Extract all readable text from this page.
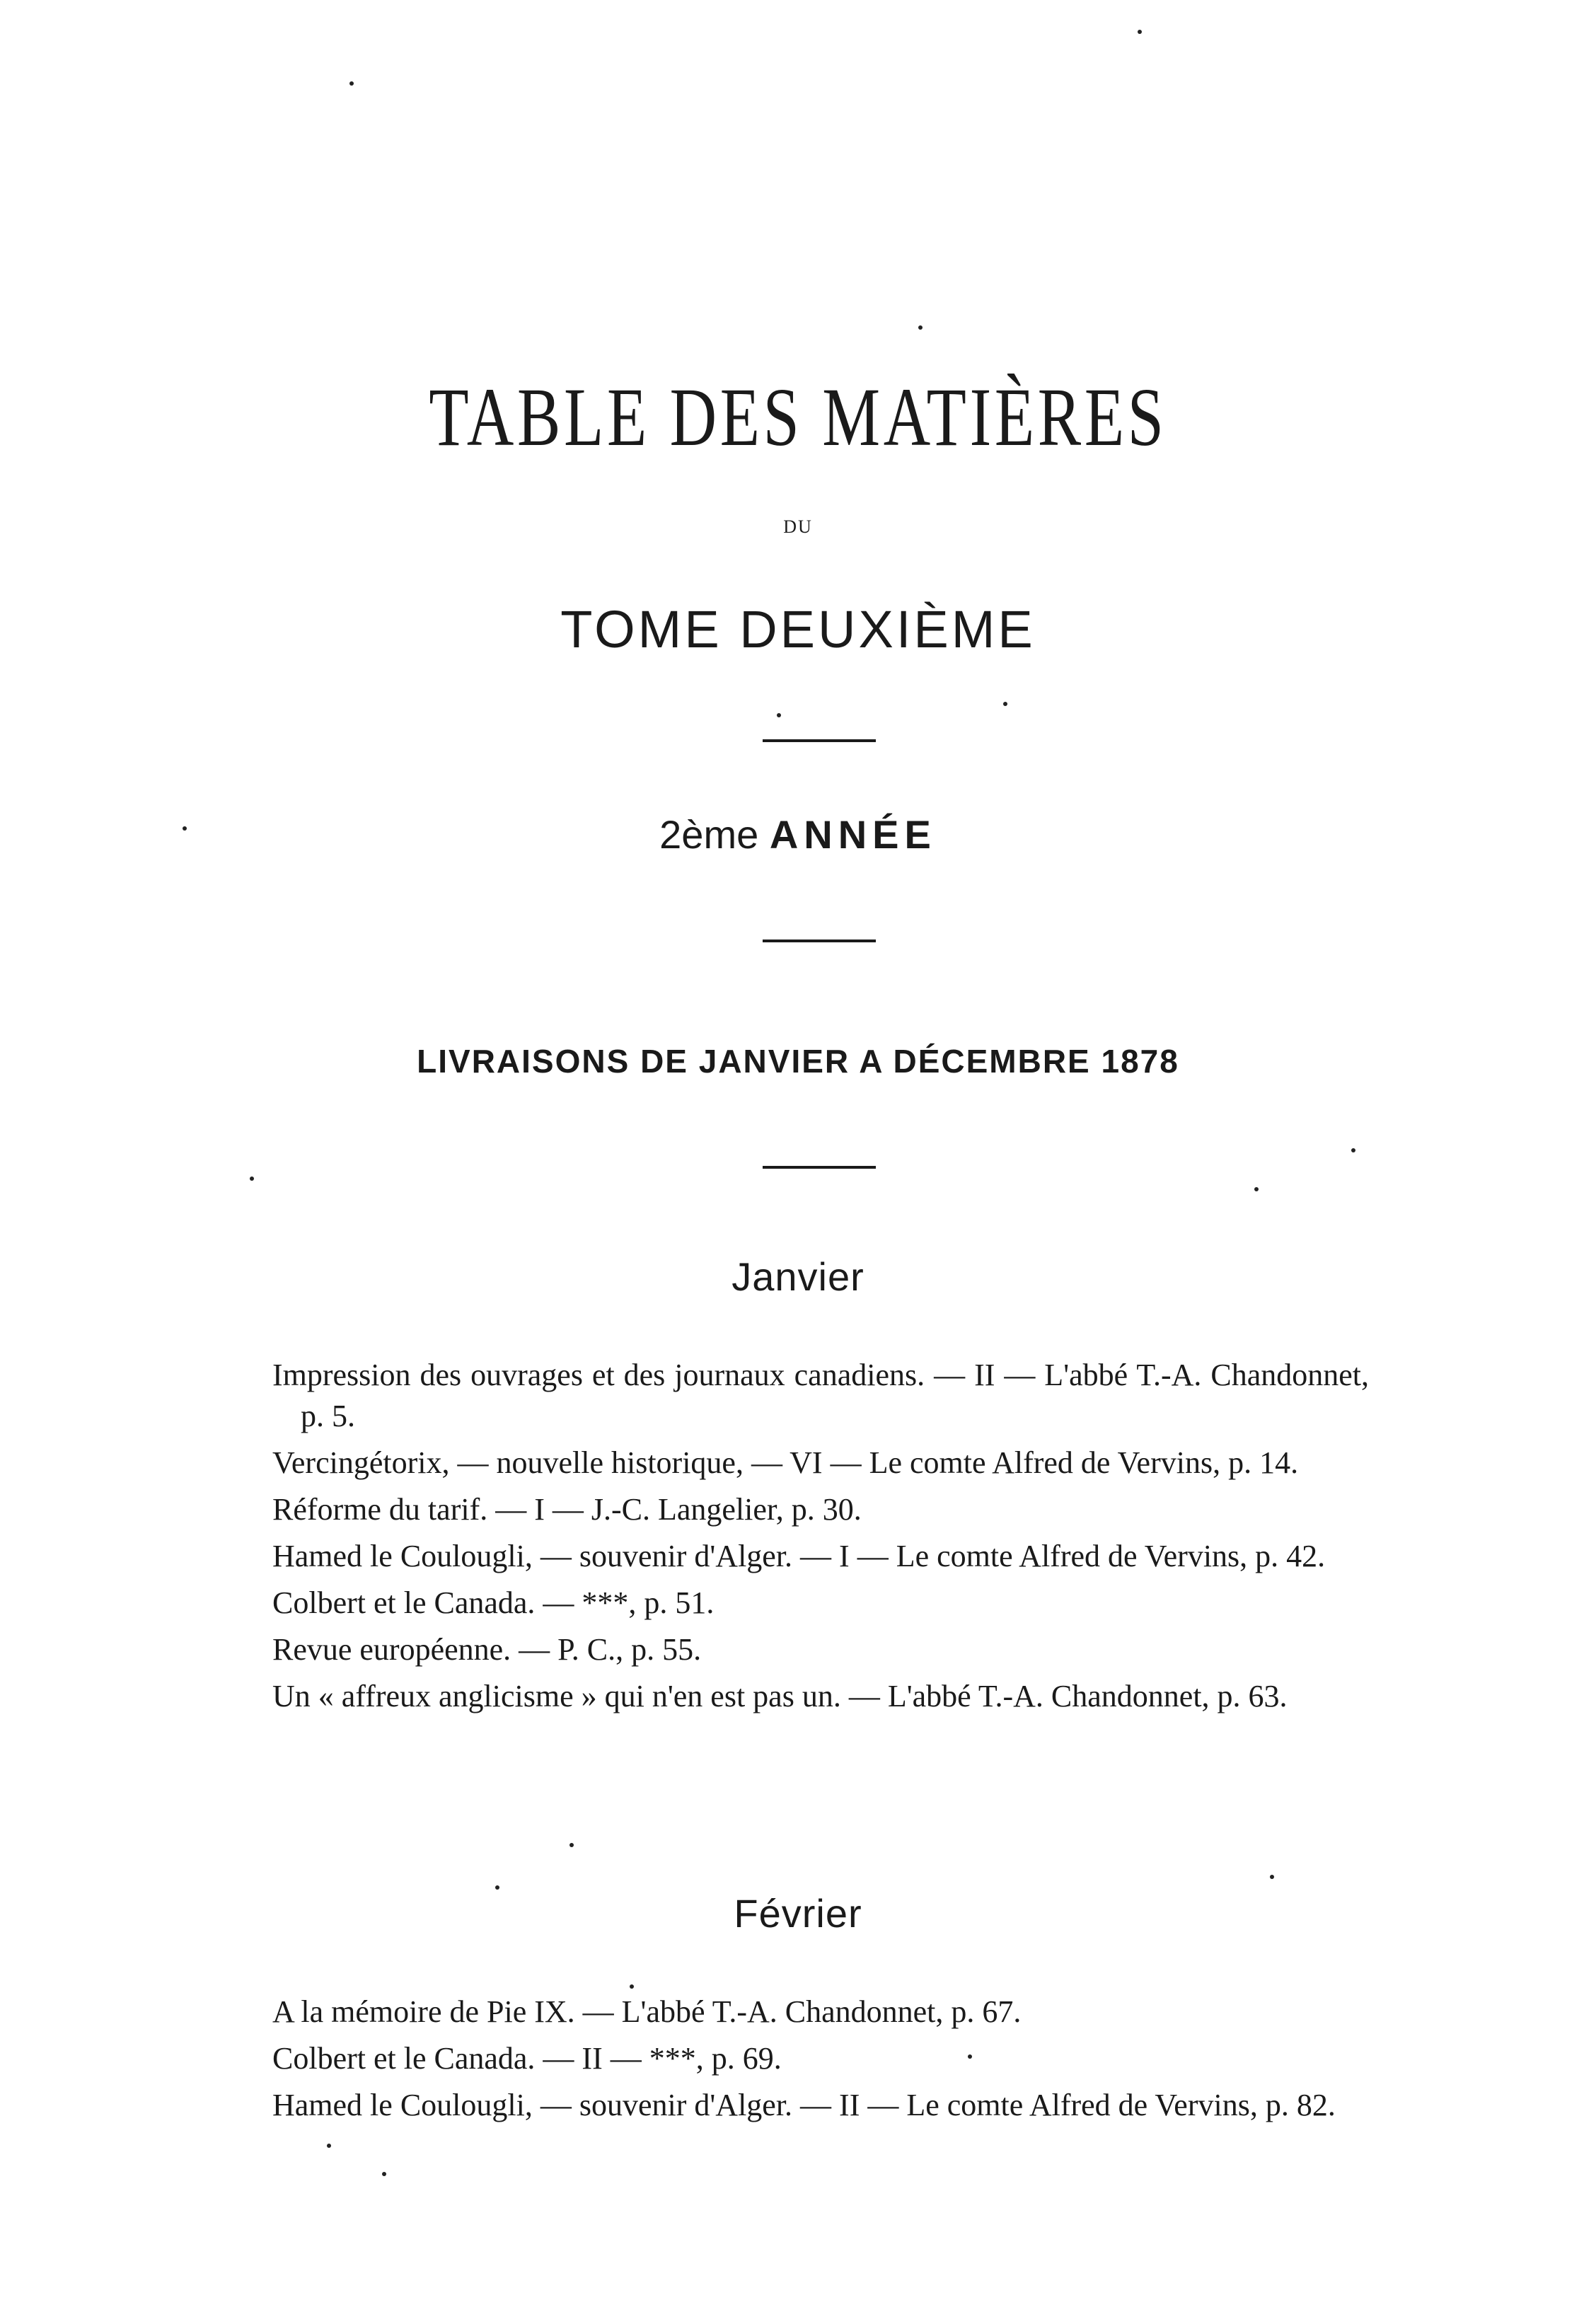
TABLE DES MATIÈRES
DU
TOME DEUXIÈME
2ème ANNÉE
LIVRAISONS DE JANVIER A DÉCEMBRE 1878
Janvier
Impression des ouvrages et des journaux canadiens. — II — L'abbé T.-A. Chandonnet, p. 5.
Vercingétorix, — nouvelle historique, — VI — Le comte Alfred de Vervins, p. 14.
Réforme du tarif. — I — J.-C. Langelier, p. 30.
Hamed le Coulougli, — souvenir d'Alger. — I — Le comte Alfred de Vervins, p. 42.
Colbert et le Canada. — ***, p. 51.
Revue européenne. — P. C., p. 55.
Un « affreux anglicisme » qui n'en est pas un. — L'abbé T.-A. Chandonnet, p. 63.
Février
A la mémoire de Pie IX. — L'abbé T.-A. Chandonnet, p. 67.
Colbert et le Canada. — II — ***, p. 69.
Hamed le Coulougli, — souvenir d'Alger. — II — Le comte Alfred de Vervins, p. 82.
